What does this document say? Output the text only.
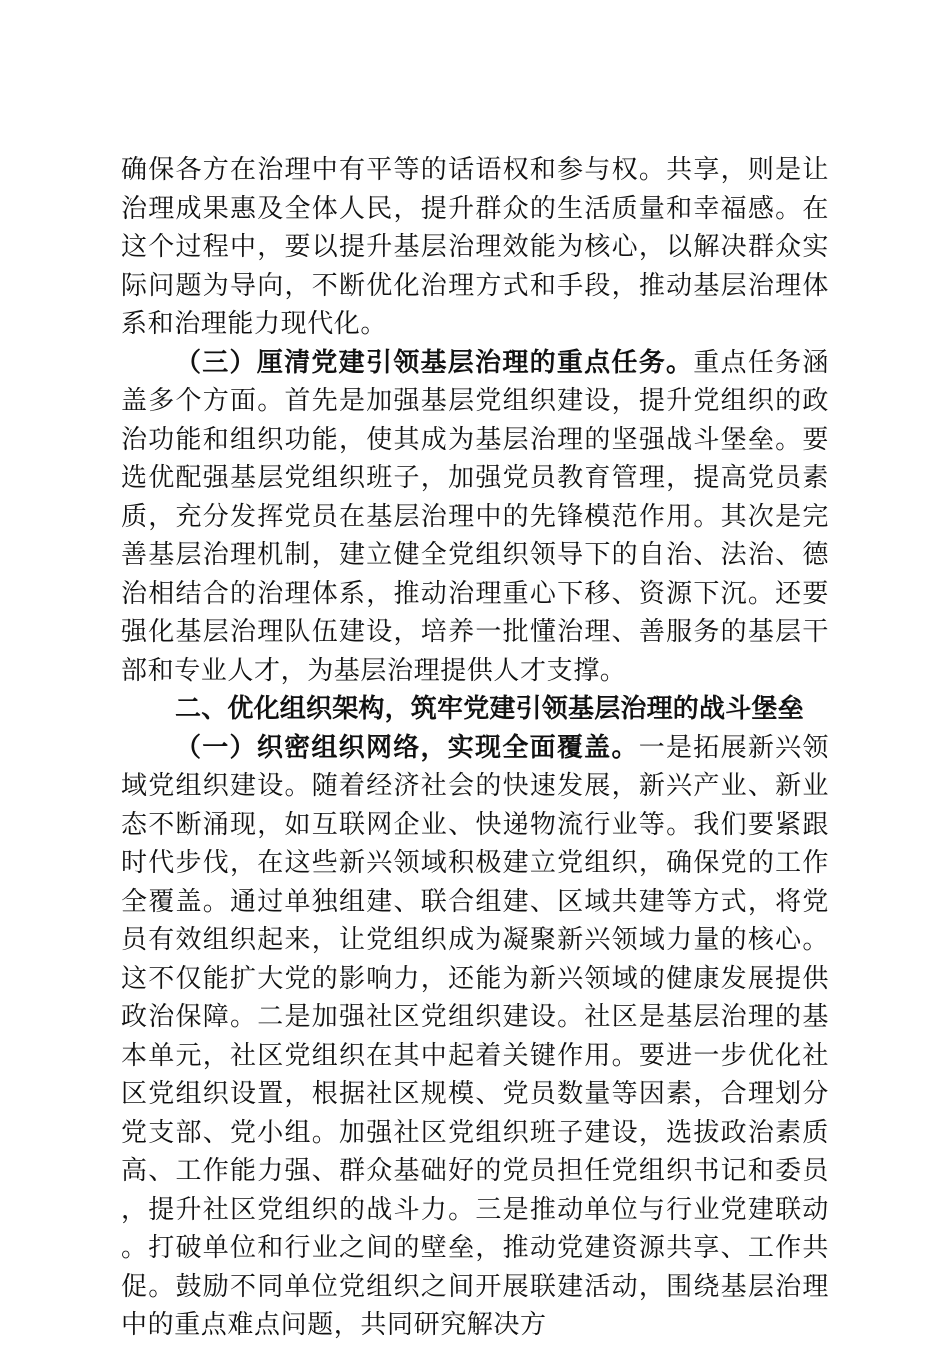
确保各方在治理中有平等的话语权和参与权。共享，则是让治理成果惠及全体人民，提升群众的生活质量和幸福感。在这个过程中，要以提升基层治理效能为核心，以解决群众实际问题为导向，不断优化治理方式和手段，推动基层治理体系和治理能力现代化。

（三）厘清党建引领基层治理的重点任务。重点任务涵盖多个方面。首先是加强基层党组织建设，提升党组织的政治功能和组织功能，使其成为基层治理的坚强战斗堡垒。要选优配强基层党组织班子，加强党员教育管理，提高党员素质，充分发挥党员在基层治理中的先锋模范作用。其次是完善基层治理机制，建立健全党组织领导下的自治、法治、德治相结合的治理体系，推动治理重心下移、资源下沉。还要强化基层治理队伍建设，培养一批懂治理、善服务的基层干部和专业人才，为基层治理提供人才支撑。

二、优化组织架构，筑牢党建引领基层治理的战斗堡垒

（一）织密组织网络，实现全面覆盖。一是拓展新兴领域党组织建设。随着经济社会的快速发展，新兴产业、新业态不断涌现，如互联网企业、快递物流行业等。我们要紧跟时代步伐，在这些新兴领域积极建立党组织，确保党的工作全覆盖。通过单独组建、联合组建、区域共建等方式，将党员有效组织起来，让党组织成为凝聚新兴领域力量的核心。这不仅能扩大党的影响力，还能为新兴领域的健康发展提供政治保障。二是加强社区党组织建设。社区是基层治理的基本单元，社区党组织在其中起着关键作用。要进一步优化社区党组织设置，根据社区规模、党员数量等因素，合理划分党支部、党小组。加强社区党组织班子建设，选拔政治素质高、工作能力强、群众基础好的党员担任党组织书记和委员，提升社区党组织的战斗力。三是推动单位与行业党建联动。打破单位和行业之间的壁垒，推动党建资源共享、工作共促。鼓励不同单位党组织之间开展联建活动，围绕基层治理中的重点难点问题，共同研究解决方
